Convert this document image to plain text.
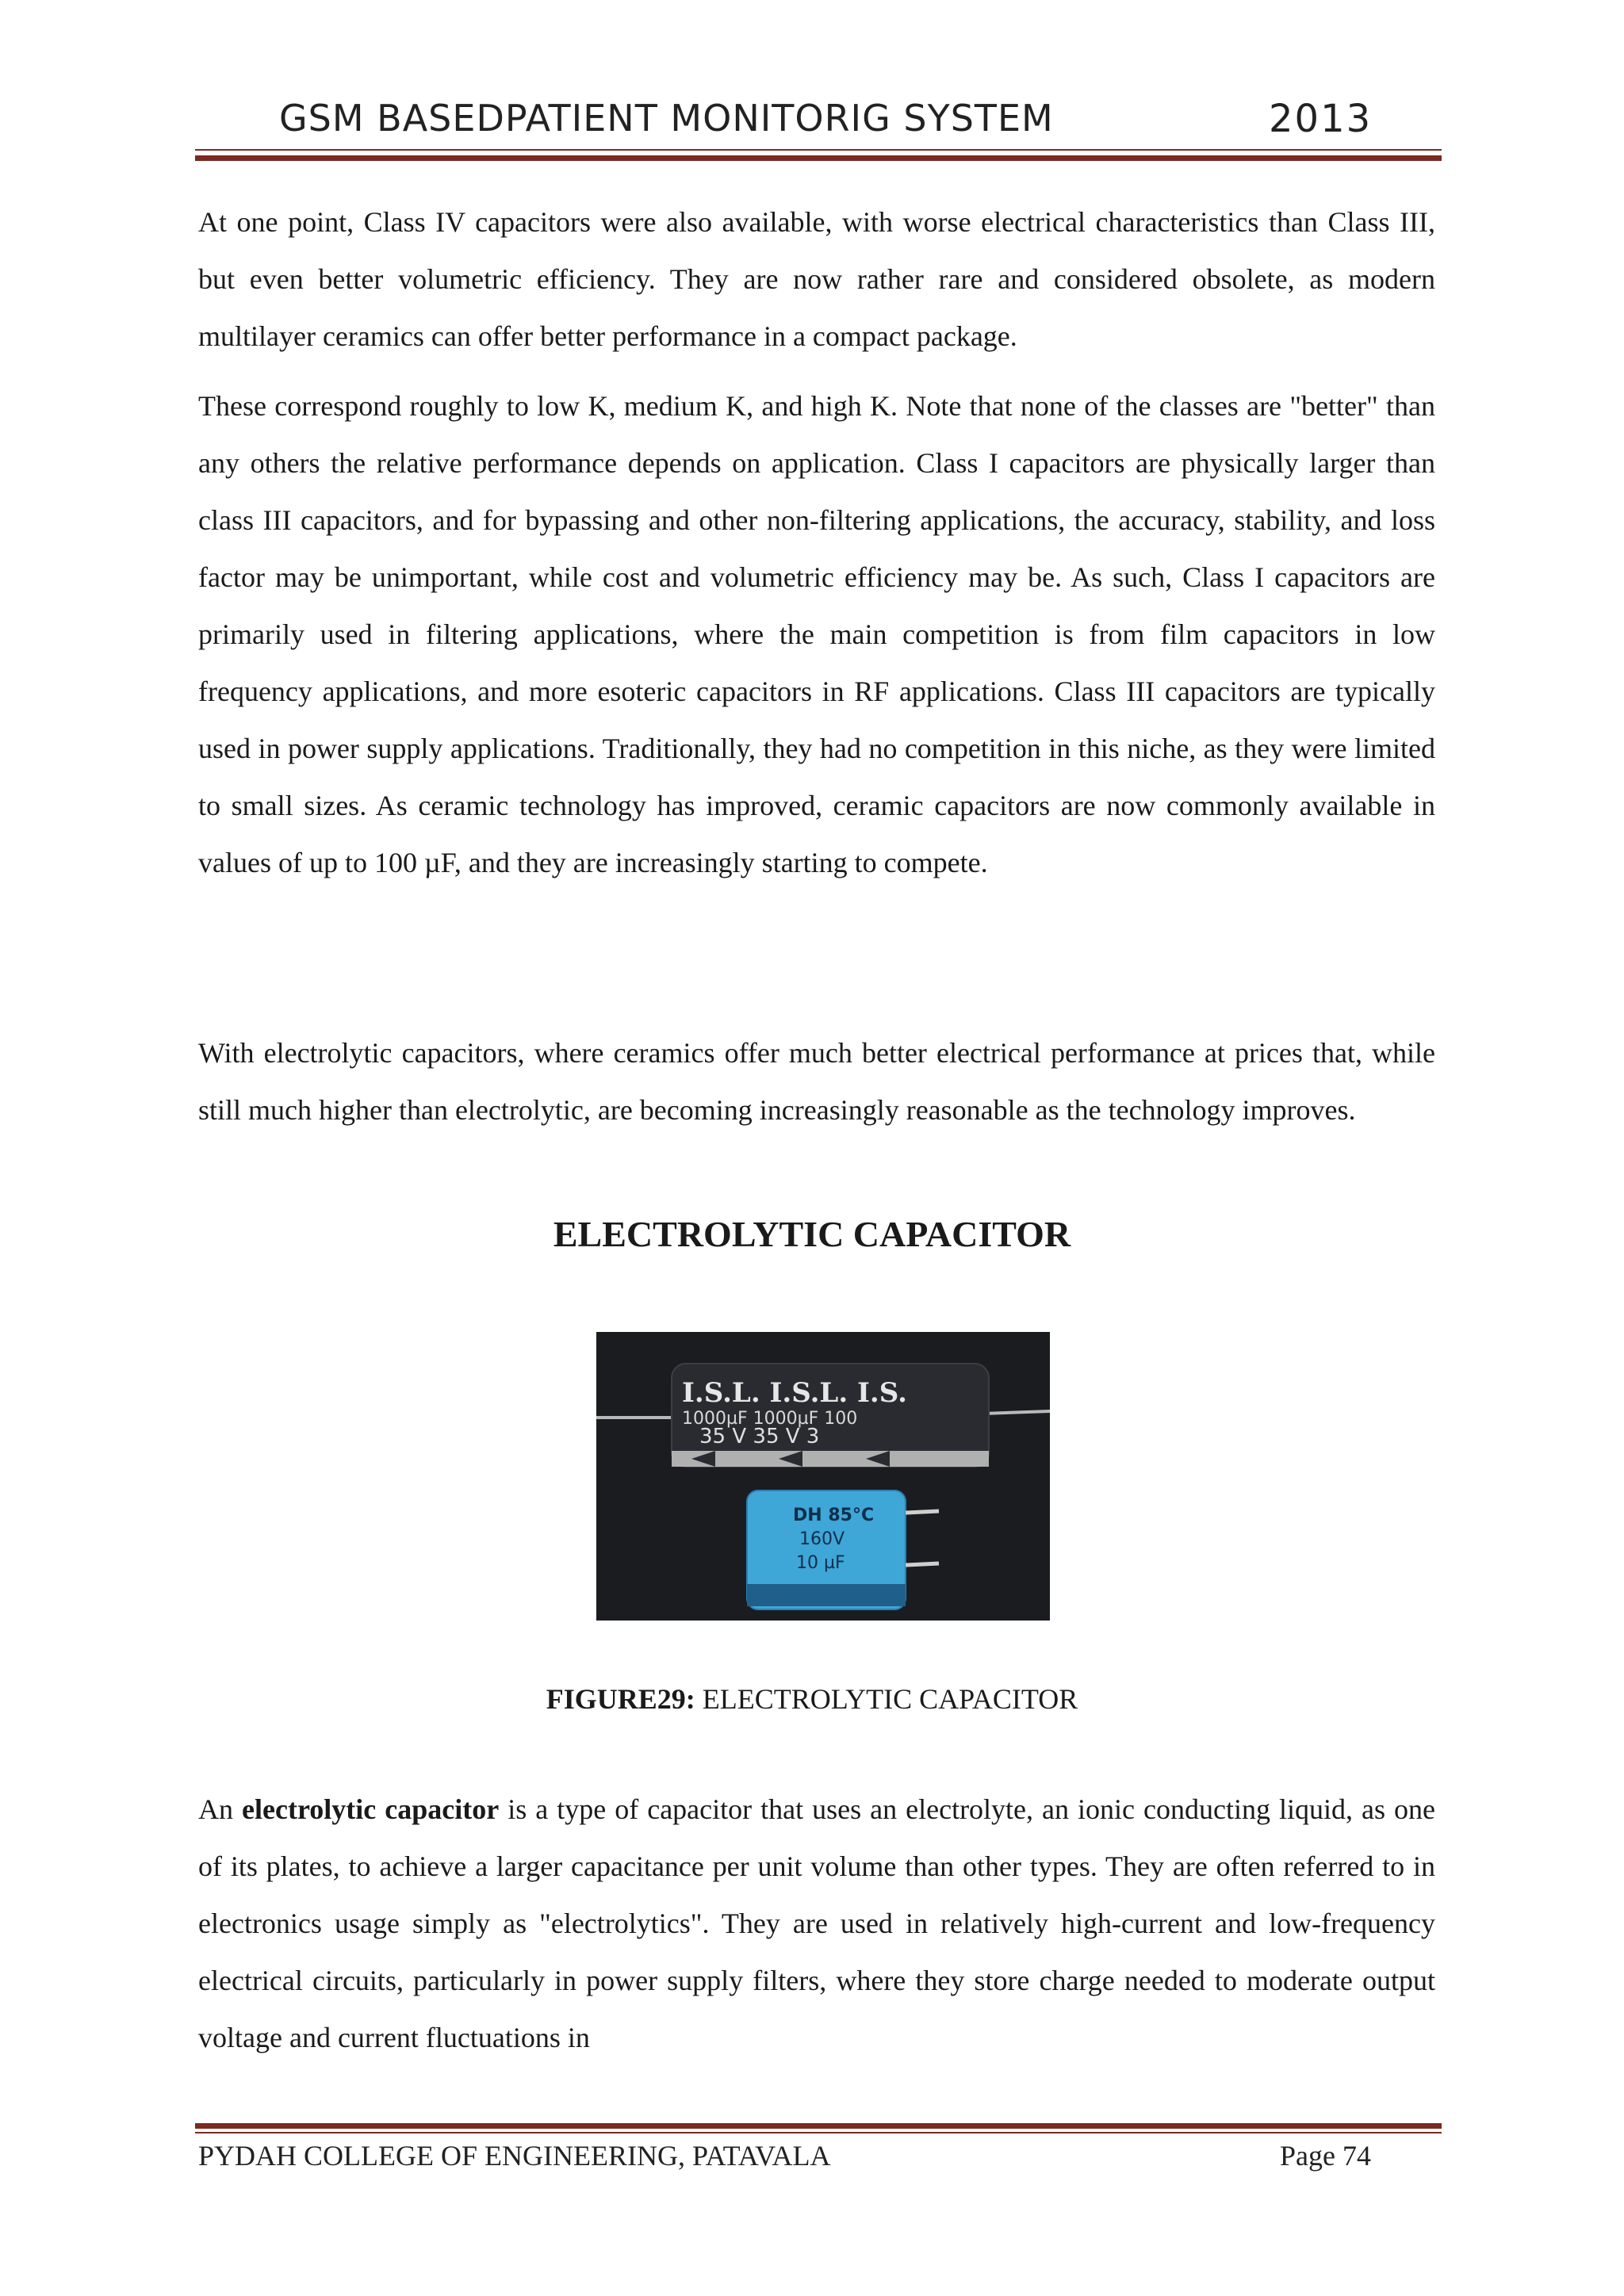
GSM BASEDPATIENT MONITORIG SYSTEM	2013

At one point, Class IV capacitors were also available, with worse electrical characteristics than Class III, but even better volumetric efficiency. They are now rather rare and considered obsolete, as modern multilayer ceramics can offer better performance in a compact package.

These correspond roughly to low K, medium K, and high K. Note that none of the classes are "better" than any others the relative performance depends on application. Class I capacitors are physically larger than class III capacitors, and for bypassing and other non-filtering applications, the accuracy, stability, and loss factor may be unimportant, while cost and volumetric efficiency may be. As such, Class I capacitors are primarily used in filtering applications, where the main competition is from film capacitors in low frequency applications, and more esoteric capacitors in RF applications. Class III capacitors are typically used in power supply applications. Traditionally, they had no competition in this niche, as they were limited to small sizes. As ceramic technology has improved, ceramic capacitors are now commonly available in values of up to 100 µF, and they are increasingly starting to compete.

With electrolytic capacitors, where ceramics offer much better electrical performance at prices that, while still much higher than electrolytic, are becoming increasingly reasonable as the technology improves.

ELECTROLYTIC CAPACITOR
I.S.L. I.S.L. I.S.
1000µF 1000µF 100
35 V 35 V 3
DH 85°C
160V
10 µF
FIGURE29: ELECTROLYTIC CAPACITOR

An electrolytic capacitor is a type of capacitor that uses an electrolyte, an ionic conducting liquid, as one of its plates, to achieve a larger capacitance per unit volume than other types. They are often referred to in electronics usage simply as "electrolytics". They are used in relatively high-current and low-frequency electrical circuits, particularly in power supply filters, where they store charge needed to moderate output voltage and current fluctuations in

PYDAH COLLEGE OF ENGINEERING, PATAVALA	Page 74
